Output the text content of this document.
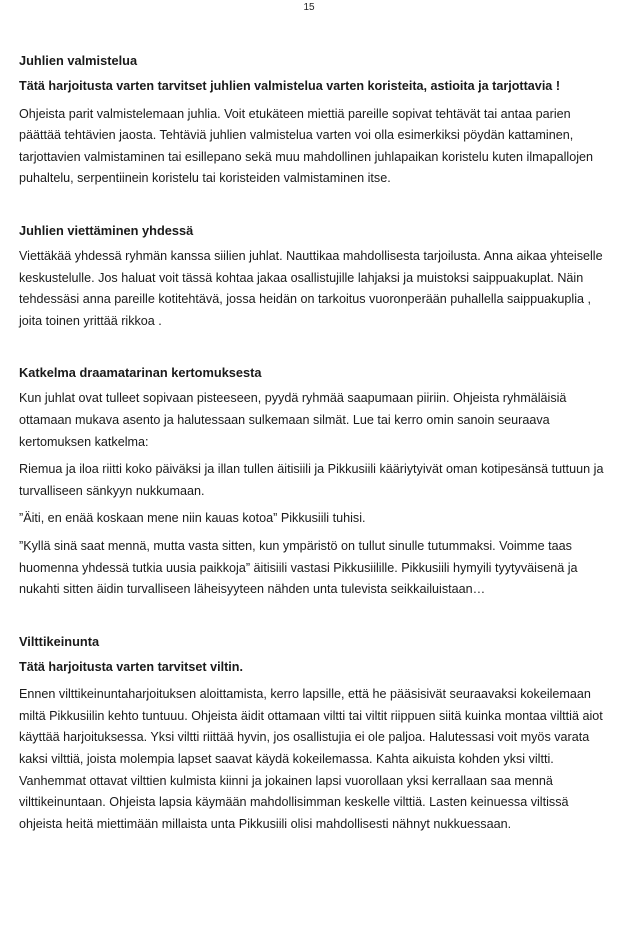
15
Juhlien valmistelua

Tätä harjoitusta varten tarvitset juhlien valmistelua varten koristeita, astioita ja tarjottavia !

Ohjeista parit valmistelemaan juhlia. Voit etukäteen miettiä pareille sopivat tehtävät tai antaa parien päättää tehtävien jaosta. Tehtäviä juhlien valmistelua varten voi olla esimerkiksi pöydän kattaminen, tarjottavien valmistaminen tai esillepano sekä muu mahdollinen juhlapaikan koristelu kuten ilmapallojen puhaltelu, serpentiinein koristelu tai koristeiden valmistaminen itse.

Juhlien viettäminen yhdessä

Viettäkää yhdessä ryhmän kanssa siilien juhlat. Nauttikaa mahdollisesta tarjoilusta. Anna aikaa yhteiselle keskustelulle. Jos haluat voit tässä kohtaa jakaa osallistujille lahjaksi ja muistoksi saippuakuplat. Näin tehdessäsi anna pareille kotitehtävä, jossa heidän on tarkoitus vuoronperään puhallella saippuakuplia , joita toinen yrittää rikkoa .

Katkelma draamatarinan kertomuksesta

Kun juhlat ovat tulleet sopivaan pisteeseen, pyydä ryhmää saapumaan piiriin. Ohjeista ryhmäläisiä ottamaan mukava asento ja halutessaan sulkemaan silmät. Lue tai kerro omin sanoin seuraava kertomuksen katkelma:

Riemua ja iloa riitti koko päiväksi ja illan tullen äitisiili ja Pikkusiili kääriytyivät oman kotipesänsä tuttuun ja turvalliseen sänkyyn nukkumaan.

”Äiti, en enää koskaan mene niin kauas kotoa” Pikkusiili tuhisi.

”Kyllä sinä saat mennä, mutta vasta sitten, kun ympäristö on tullut sinulle tutummaksi. Voimme taas huomenna yhdessä tutkia uusia paikkoja” äitisiili vastasi Pikkusiilille. Pikkusiili hymyili tyytyväisenä ja nukahti sitten äidin turvalliseen läheisyyteen nähden unta tulevista seikkailuistaan…

Vilttikeinunta

Tätä harjoitusta varten tarvitset viltin.

Ennen vilttikeinuntaharjoituksen aloittamista, kerro lapsille, että he pääsisivät seuraavaksi kokeilemaan miltä Pikkusiilin kehto tuntuuu. Ohjeista äidit ottamaan viltti tai viltit riippuen siitä kuinka montaa vilttiä aiot käyttää harjoituksessa. Yksi viltti riittää hyvin, jos osallistujia ei ole paljoa. Halutessasi voit myös varata kaksi vilttiä, joista molempia lapset saavat käydä kokeilemassa. Kahta aikuista kohden yksi viltti. Vanhemmat ottavat vilttien kulmista kiinni ja jokainen lapsi vuorollaan yksi kerrallaan saa mennä vilttikeinuntaan. Ohjeista lapsia käymään mahdollisimman keskelle vilttiä. Lasten keinuessa viltissä ohjeista heitä miettimään millaista unta Pikkusiili olisi mahdollisesti nähnyt nukkuessaan.
